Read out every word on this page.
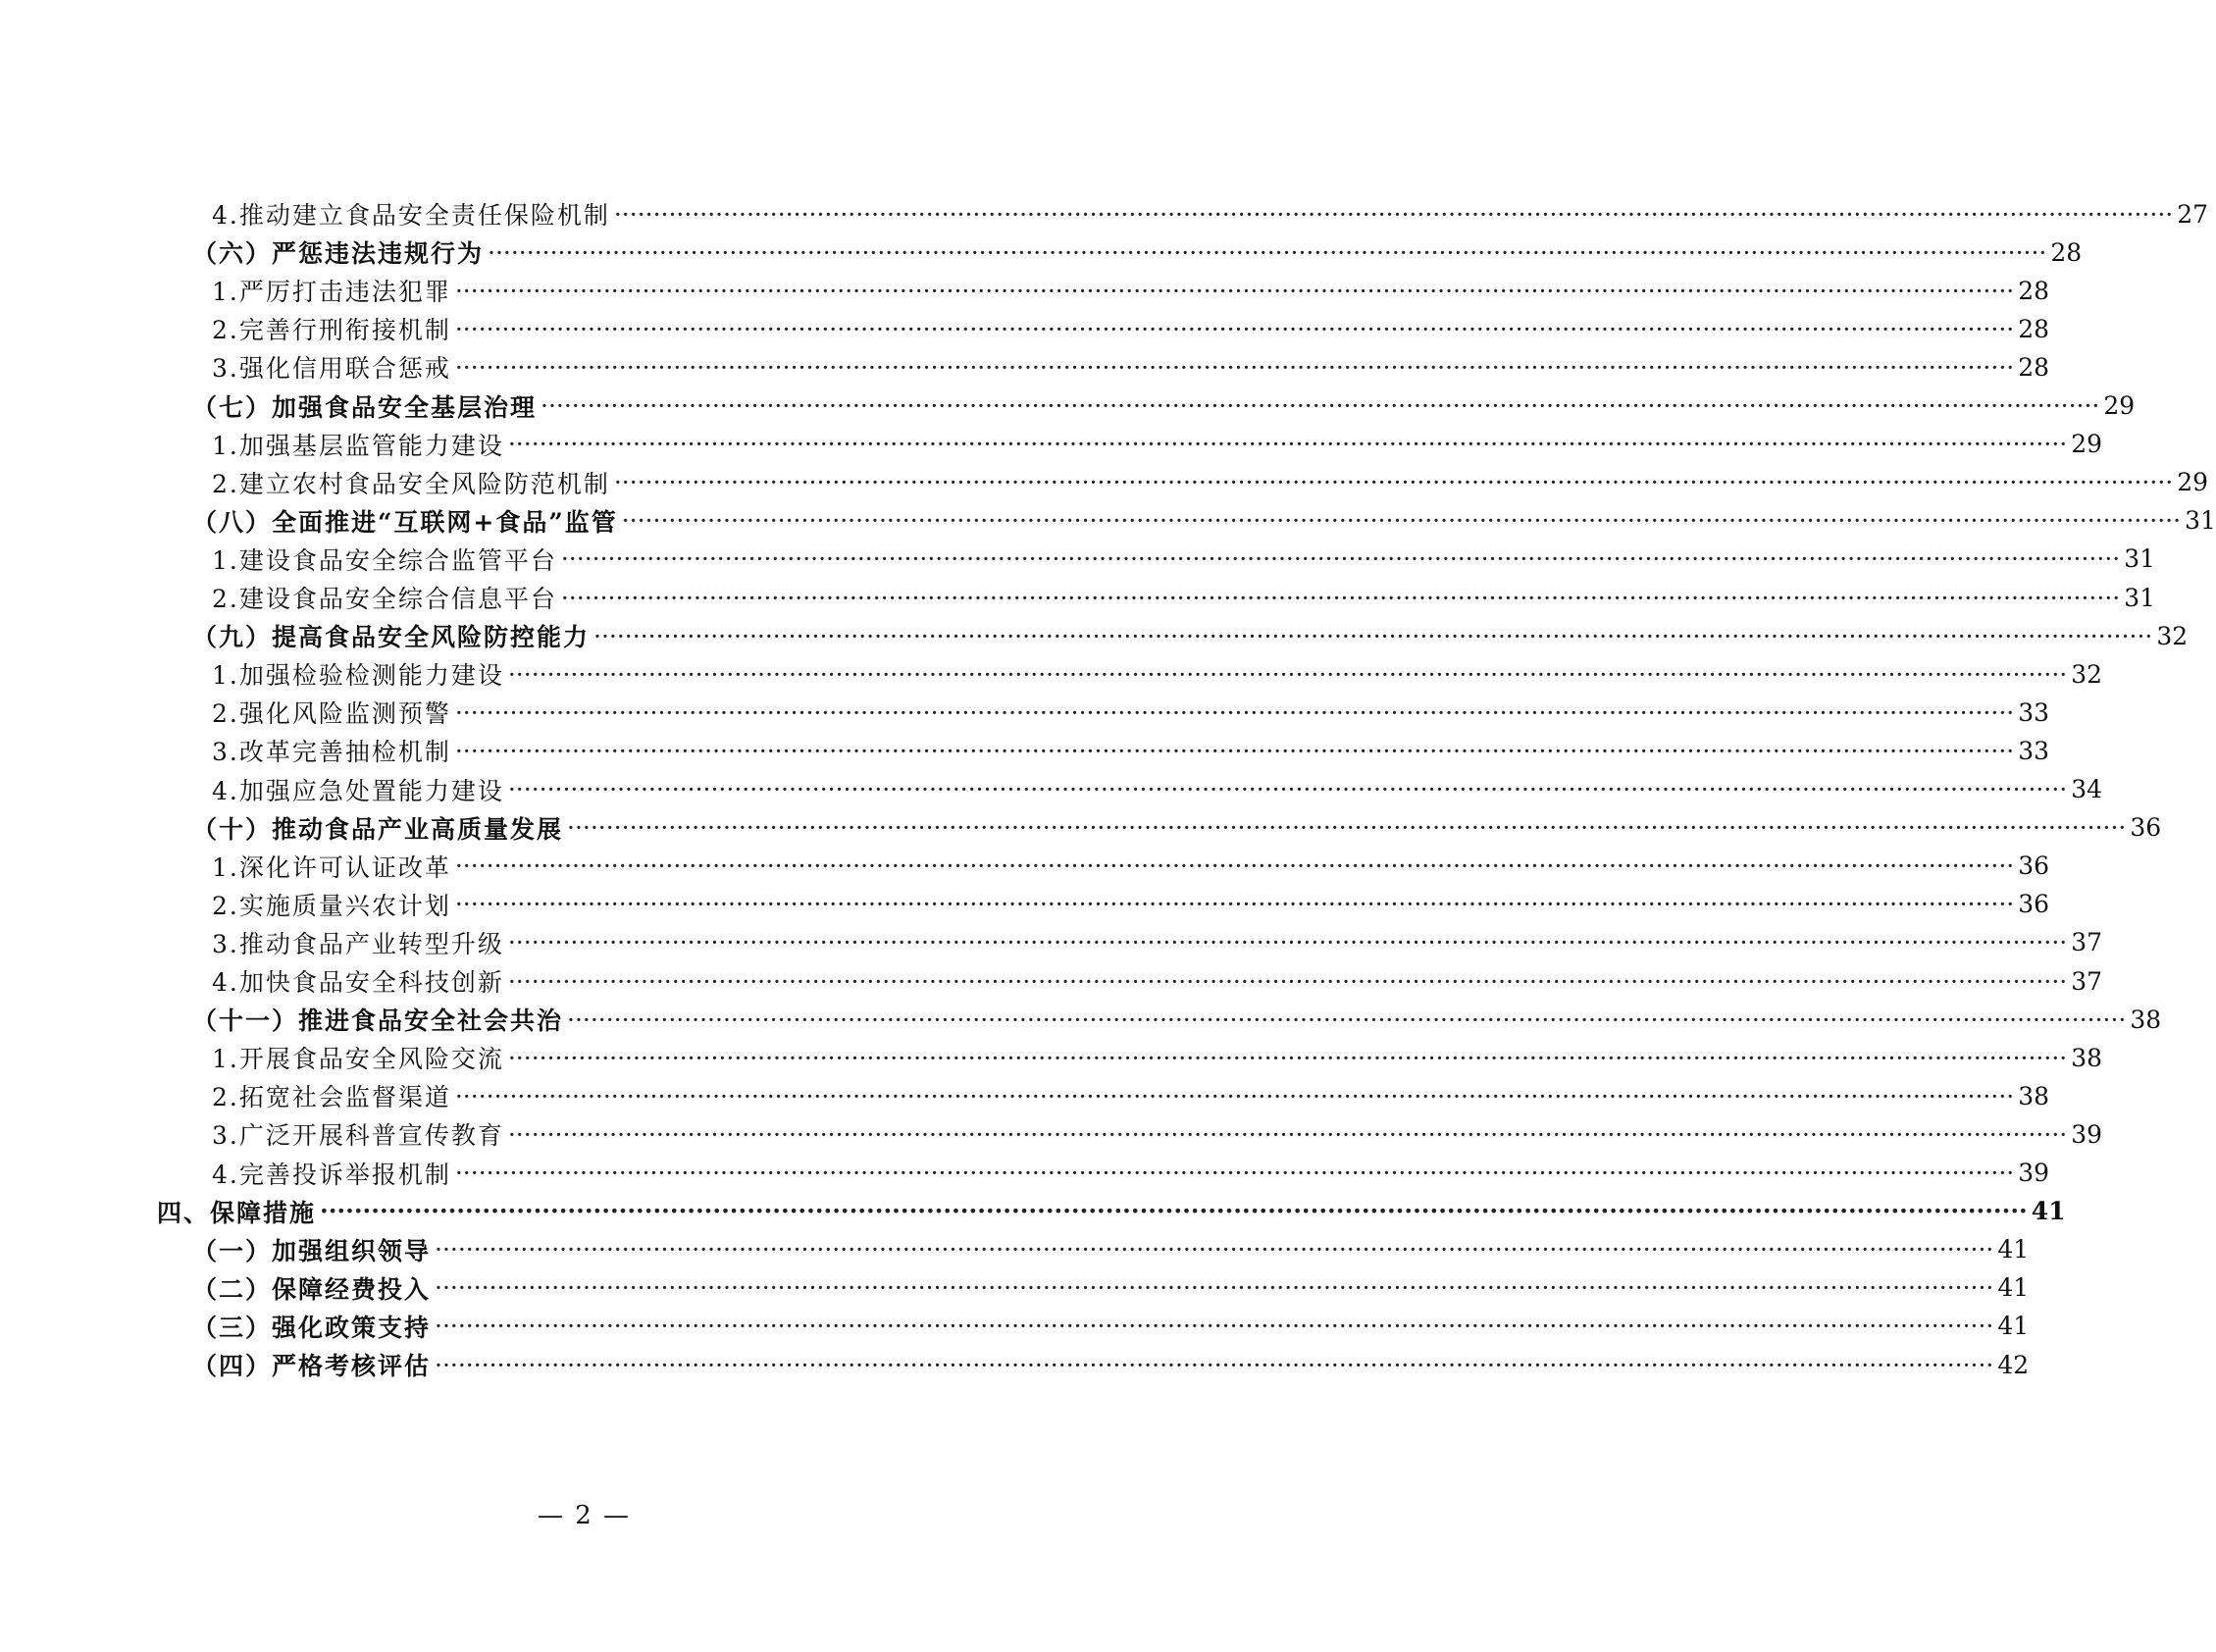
4.推动建立食品安全责任保险机制 ········································································································································································································ 27
（六）严惩违法违规行为 ········································································································································································································ 28
1.严厉打击违法犯罪 ········································································································································································································ 28
2.完善行刑衔接机制 ········································································································································································································ 28
3.强化信用联合惩戒 ········································································································································································································ 28
（七）加强食品安全基层治理 ········································································································································································································ 29
1.加强基层监管能力建设 ········································································································································································································ 29
2.建立农村食品安全风险防范机制 ········································································································································································································ 29
（八）全面推进“互联网+食品”监管 ········································································································································································································ 31
1.建设食品安全综合监管平台 ········································································································································································································ 31
2.建设食品安全综合信息平台 ········································································································································································································ 31
（九）提高食品安全风险防控能力 ········································································································································································································ 32
1.加强检验检测能力建设 ········································································································································································································ 32
2.强化风险监测预警 ········································································································································································································ 33
3.改革完善抽检机制 ········································································································································································································ 33
4.加强应急处置能力建设 ········································································································································································································ 34
（十）推动食品产业高质量发展 ········································································································································································································ 36
1.深化许可认证改革 ········································································································································································································ 36
2.实施质量兴农计划 ········································································································································································································ 36
3.推动食品产业转型升级 ········································································································································································································ 37
4.加快食品安全科技创新 ········································································································································································································ 37
（十一）推进食品安全社会共治 ········································································································································································································ 38
1.开展食品安全风险交流 ········································································································································································································ 38
2.拓宽社会监督渠道 ········································································································································································································ 38
3.广泛开展科普宣传教育 ········································································································································································································ 39
4.完善投诉举报机制 ········································································································································································································ 39
四、保障措施 ········································································································································································································ 41
（一）加强组织领导 ········································································································································································································ 41
（二）保障经费投入 ········································································································································································································ 41
（三）强化政策支持 ········································································································································································································ 41
（四）严格考核评估 ········································································································································································································ 42
— 2 —
